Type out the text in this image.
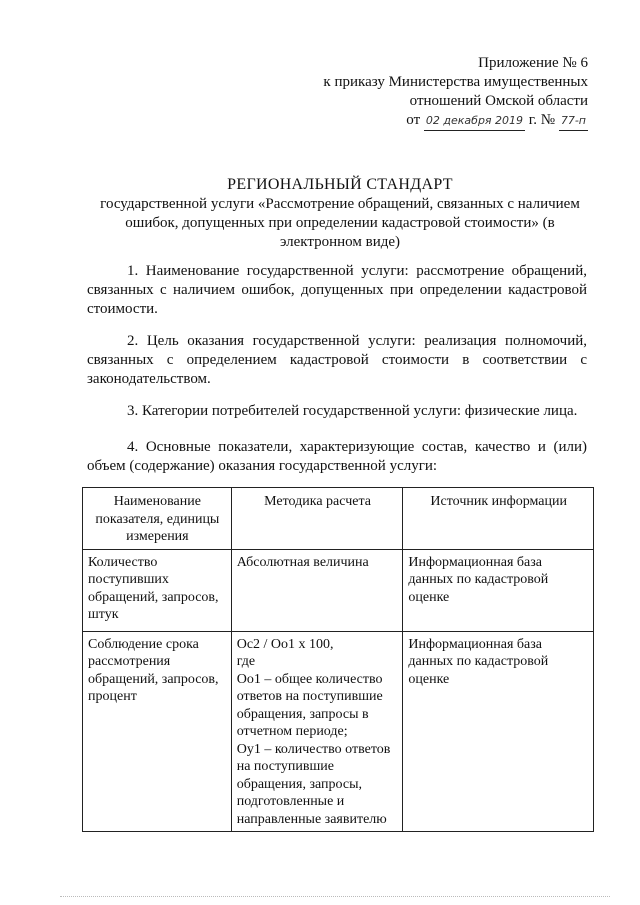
Приложение № 6
к приказу Министерства имущественных
отношений Омской области
от 02 декабря 2019 г. № 77-п
РЕГИОНАЛЬНЫЙ СТАНДАРТ
государственной услуги «Рассмотрение обращений, связанных с наличием ошибок, допущенных при определении кадастровой стоимости» (в электронном виде)
1. Наименование государственной услуги: рассмотрение обращений, связанных с наличием ошибок, допущенных при определении кадастровой стоимости.
2. Цель оказания государственной услуги: реализация полномочий, связанных с определением кадастровой стоимости в соответствии с законодательством.
3. Категории потребителей государственной услуги: физические лица.
4. Основные показатели, характеризующие состав, качество и (или) объем (содержание) оказания государственной услуги:
Наименование показателя, единицы измерения	Методика расчета	Источник информации
Количество поступивших обращений, запросов, штук	Абсолютная величина	Информационная база данных по кадастровой оценке
Соблюдение срока рассмотрения обращений, запросов, процент	Ос2 / Оо1 х 100,
где
Оо1 – общее количество ответов на поступившие обращения, запросы в отчетном периоде;
Оу1 – количество ответов на поступившие обращения, запросы, подготовленные и направленные заявителю	Информационная база данных по кадастровой оценке
